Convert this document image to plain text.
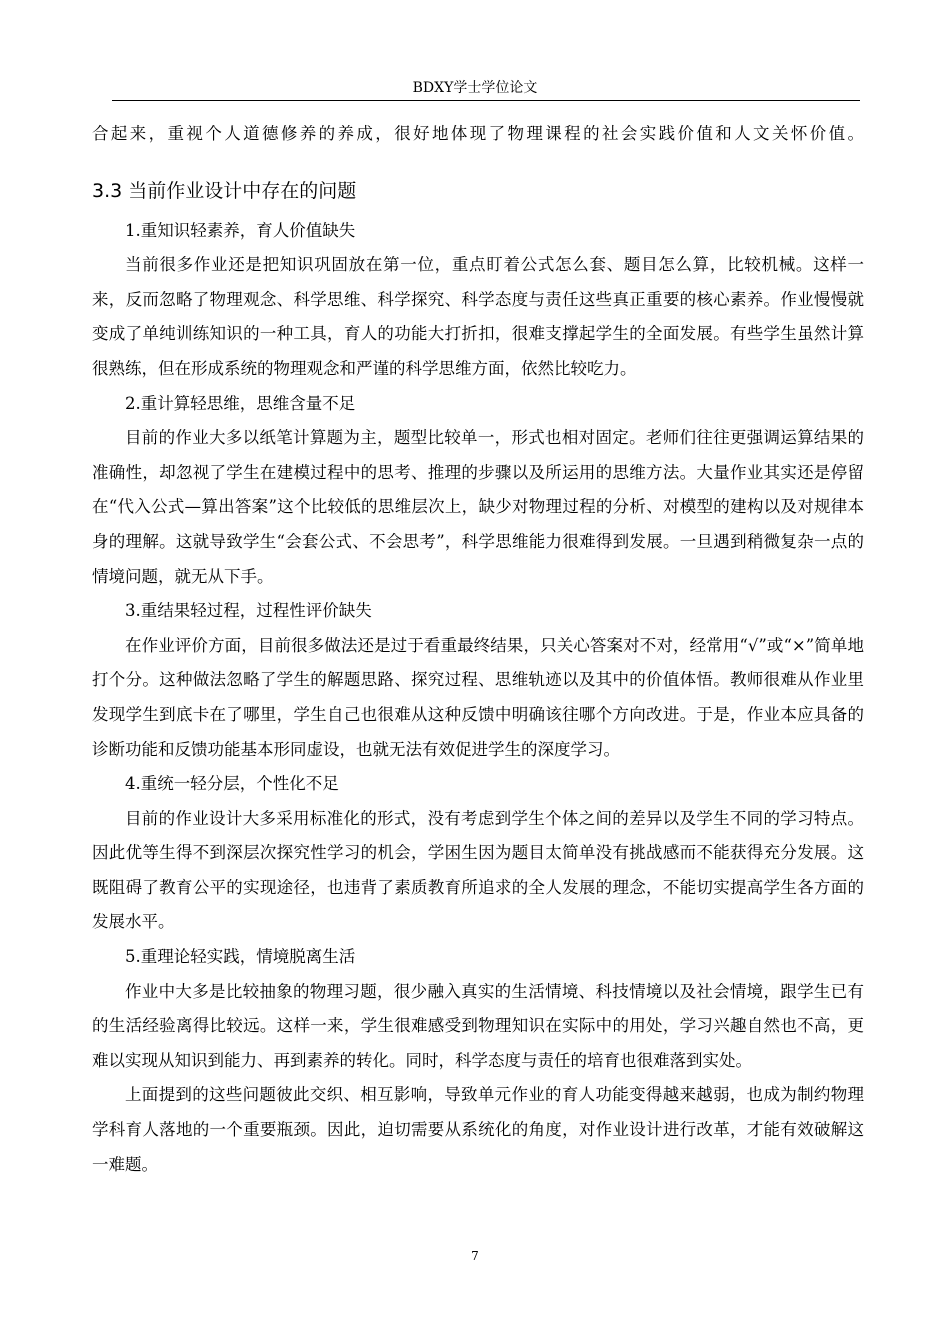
BDXY学士学位论文

合起来，重视个人道德修养的养成，很好地体现了物理课程的社会实践价值和人文关怀价值。

3.3 当前作业设计中存在的问题

1.重知识轻素养，育人价值缺失

当前很多作业还是把知识巩固放在第一位，重点盯着公式怎么套、题目怎么算，比较机械。这样一来，反而忽略了物理观念、科学思维、科学探究、科学态度与责任这些真正重要的核心素养。作业慢慢就变成了单纯训练知识的一种工具，育人的功能大打折扣，很难支撑起学生的全面发展。有些学生虽然计算很熟练，但在形成系统的物理观念和严谨的科学思维方面，依然比较吃力。

2.重计算轻思维，思维含量不足

目前的作业大多以纸笔计算题为主，题型比较单一，形式也相对固定。老师们往往更强调运算结果的准确性，却忽视了学生在建模过程中的思考、推理的步骤以及所运用的思维方法。大量作业其实还是停留在“代入公式—算出答案”这个比较低的思维层次上，缺少对物理过程的分析、对模型的建构以及对规律本身的理解。这就导致学生“会套公式、不会思考”，科学思维能力很难得到发展。一旦遇到稍微复杂一点的情境问题，就无从下手。

3.重结果轻过程，过程性评价缺失

在作业评价方面，目前很多做法还是过于看重最终结果，只关心答案对不对，经常用“√”或“×”简单地打个分。这种做法忽略了学生的解题思路、探究过程、思维轨迹以及其中的价值体悟。教师很难从作业里发现学生到底卡在了哪里，学生自己也很难从这种反馈中明确该往哪个方向改进。于是，作业本应具备的诊断功能和反馈功能基本形同虚设，也就无法有效促进学生的深度学习。

4.重统一轻分层，个性化不足

目前的作业设计大多采用标准化的形式，没有考虑到学生个体之间的差异以及学生不同的学习特点。因此优等生得不到深层次探究性学习的机会，学困生因为题目太简单没有挑战感而不能获得充分发展。这既阻碍了教育公平的实现途径，也违背了素质教育所追求的全人发展的理念，不能切实提高学生各方面的发展水平。

5.重理论轻实践，情境脱离生活

作业中大多是比较抽象的物理习题，很少融入真实的生活情境、科技情境以及社会情境，跟学生已有的生活经验离得比较远。这样一来，学生很难感受到物理知识在实际中的用处，学习兴趣自然也不高，更难以实现从知识到能力、再到素养的转化。同时，科学态度与责任的培育也很难落到实处。

上面提到的这些问题彼此交织、相互影响，导致单元作业的育人功能变得越来越弱，也成为制约物理学科育人落地的一个重要瓶颈。因此，迫切需要从系统化的角度，对作业设计进行改革，才能有效破解这一难题。

7
